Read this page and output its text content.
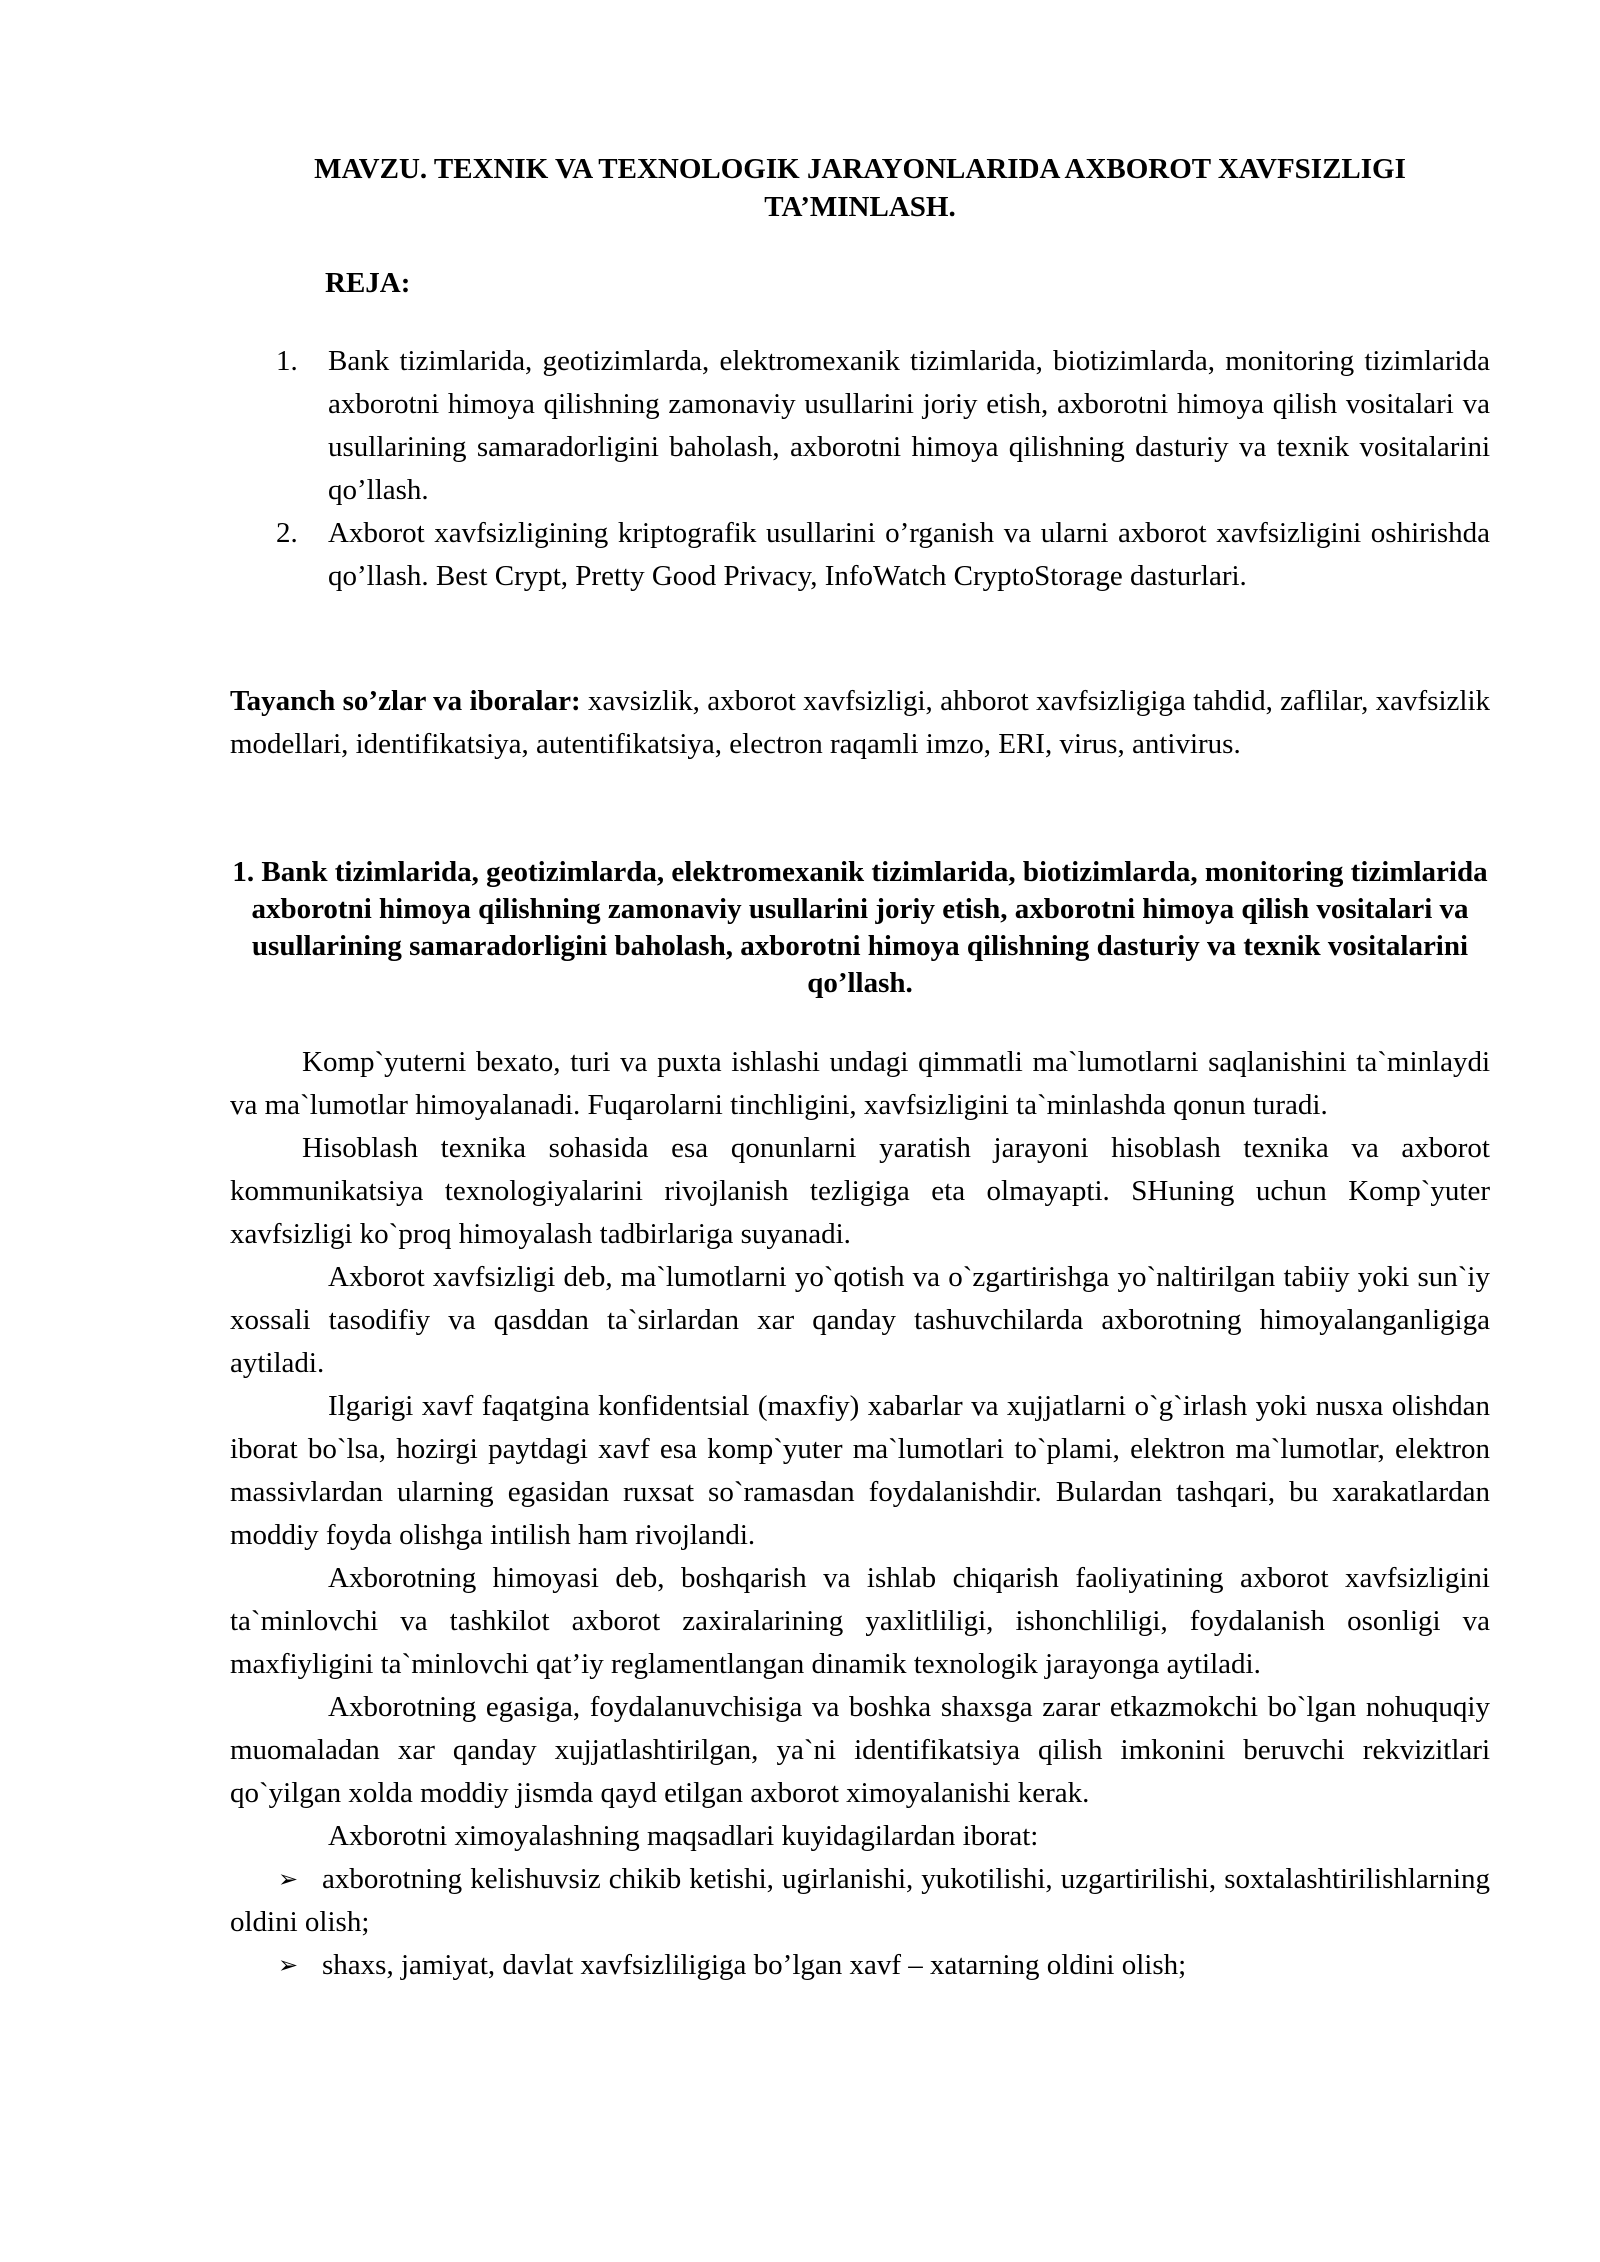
MAVZU. TEXNIK VA TEXNOLOGIK JARAYONLARIDA AXBOROT XAVFSIZLIGI TA’MINLASH.
REJA:
1. Bank tizimlarida, geotizimlarda, elektromexanik tizimlarida, biotizimlarda, monitoring tizimlarida axborotni himoya qilishning zamonaviy usullarini joriy etish, axborotni himoya qilish vositalari va usullarining samaradorligini baholash, axborotni himoya qilishning dasturiy va texnik vositalarini qo’llash.
2. Axborot xavfsizligining kriptografik usullarini o’rganish va ularni axborot xavfsizligini oshirishda qo’llash. Best Crypt, Pretty Good Privacy, InfoWatch CryptoStorage dasturlari.
Tayanch so’zlar va iboralar: xavsizlik, axborot xavfsizligi, ahborot xavfsizligiga tahdid, zaflilar, xavfsizlik modellari, identifikatsiya, autentifikatsiya, electron raqamli imzo, ERI, virus, antivirus.
1. Bank tizimlarida, geotizimlarda, elektromexanik tizimlarida, biotizimlarda, monitoring tizimlarida axborotni himoya qilishning zamonaviy usullarini joriy etish, axborotni himoya qilish vositalari va usullarining samaradorligini baholash, axborotni himoya qilishning dasturiy va texnik vositalarini qo’llash.

Komp`yuterni bexato, turi va puxta ishlashi undagi qimmatli ma`lumotlarni saqlanishini ta`minlaydi va ma`lumotlar himoyalanadi. Fuqarolarni tinchligini, xavfsizligini ta`minlashda qonun turadi.

Hisoblash texnika sohasida esa qonunlarni yaratish jarayoni hisoblash texnika va axborot kommunikatsiya texnologiyalarini rivojlanish tezligiga eta olmayapti. SHuning uchun Komp`yuter xavfsizligi ko`proq himoyalash tadbirlariga suyanadi.

Axborot xavfsizligi deb, ma`lumotlarni yo`qotish va o`zgartirishga yo`naltirilgan tabiiy yoki sun`iy xossali tasodifiy va qasddan ta`sirlardan xar qanday tashuvchilarda axborotning himoyalanganligiga aytiladi.

Ilgarigi xavf faqatgina konfidentsial (maxfiy) xabarlar va xujjatlarni o`g`irlash yoki nusxa olishdan iborat bo`lsa, hozirgi paytdagi xavf esa komp`yuter ma`lumotlari to`plami, elektron ma`lumotlar, elektron massivlardan ularning egasidan ruxsat so`ramasdan foydalanishdir. Bulardan tashqari, bu xarakatlardan moddiy foyda olishga intilish ham rivojlandi.

Axborotning himoyasi deb, boshqarish va ishlab chiqarish faoliyatining axborot xavfsizligini ta`minlovchi va tashkilot axborot zaxiralarining yaxlitliligi, ishonchliligi, foydalanish osonligi va maxfiyligini ta`minlovchi qat’iy reglamentlangan dinamik texnologik jarayonga aytiladi.

Axborotning egasiga, foydalanuvchisiga va boshka shaxsga zarar etkazmokchi bo`lgan nohuquqiy muomaladan xar qanday xujjatlashtirilgan, ya`ni identifikatsiya qilish imkonini beruvchi rekvizitlari qo`yilgan xolda moddiy jismda qayd etilgan axborot ximoyalanishi kerak.

Axborotni ximoyalashning maqsadlari kuyidagilardan iborat:

➢ axborotning kelishuvsiz chikib ketishi, ugirlanishi, yukotilishi, uzgartirilishi, soxtalashtirilishlarning oldini olish;

➢ shaxs, jamiyat, davlat xavfsizliligiga bo’lgan xavf – xatarning oldini olish;
